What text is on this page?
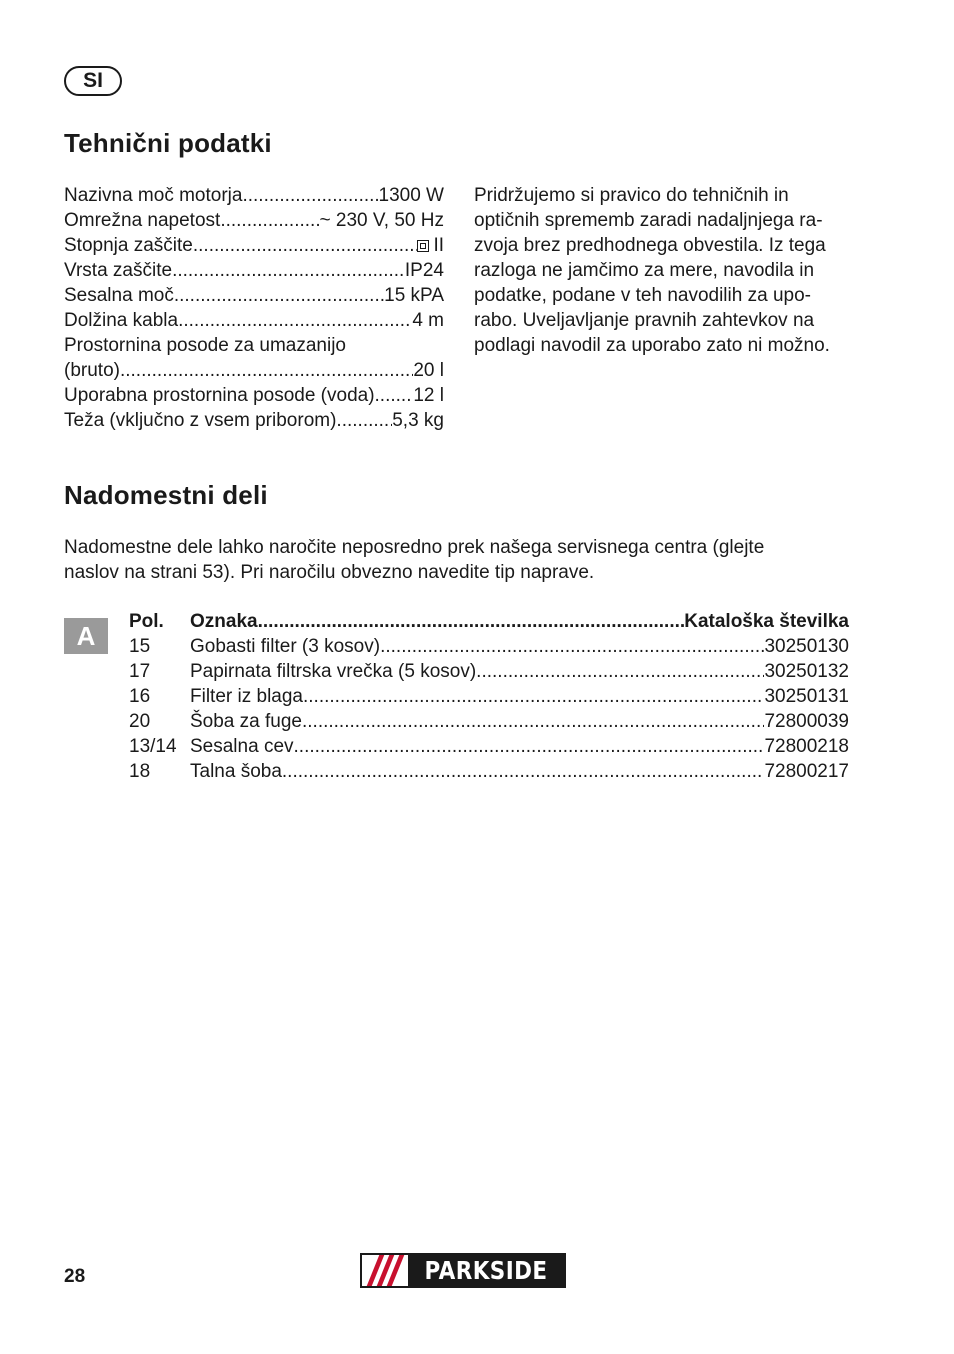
SI
Tehnični podatki
Nazivna moč motorja .....	1300 W
Omrežna napetost .....	~ 230 V, 50 Hz
Stopnja zaščite .....	II
Vrsta zaščite .....	IP24
Sesalna moč .....	15 kPA
Dolžina kabla .....	4 m
Prostornina posode za umazanijo
(bruto) .....	20 l
Uporabna prostornina posode (voda) ..... 12 l
Teža (vključno z vsem priborom) .....	5,3 kg
Pridržujemo si pravico do tehničnih in
optičnih sprememb zaradi nadaljnjega ra-
zvoja brez predhodnega obvestila. Iz tega
razloga ne jamčimo za mere, navodila in
podatke, podane v teh navodilih za upo-
rabo. Uveljavljanje pravnih zahtevkov na
podlagi navodil za uporabo zato ni možno.
Nadomestni deli
Nadomestne dele lahko naročite neposredno prek našega servisnega centra (glejte
naslov na strani 53). Pri naročilu obvezno navedite tip naprave.
A	Pol.	Oznaka .....	Kataloška številka
15	Gobasti filter (3 kosov) .....	30250130
17	Papirnata filtrska vrečka (5 kosov) .....	30250132
16	Filter iz blaga .....	30250131
20	Šoba za fuge .....	72800039
13/14 Sesalna cev .....	72800218
18	Talna šoba .....	72800217
28	PARKSIDE
